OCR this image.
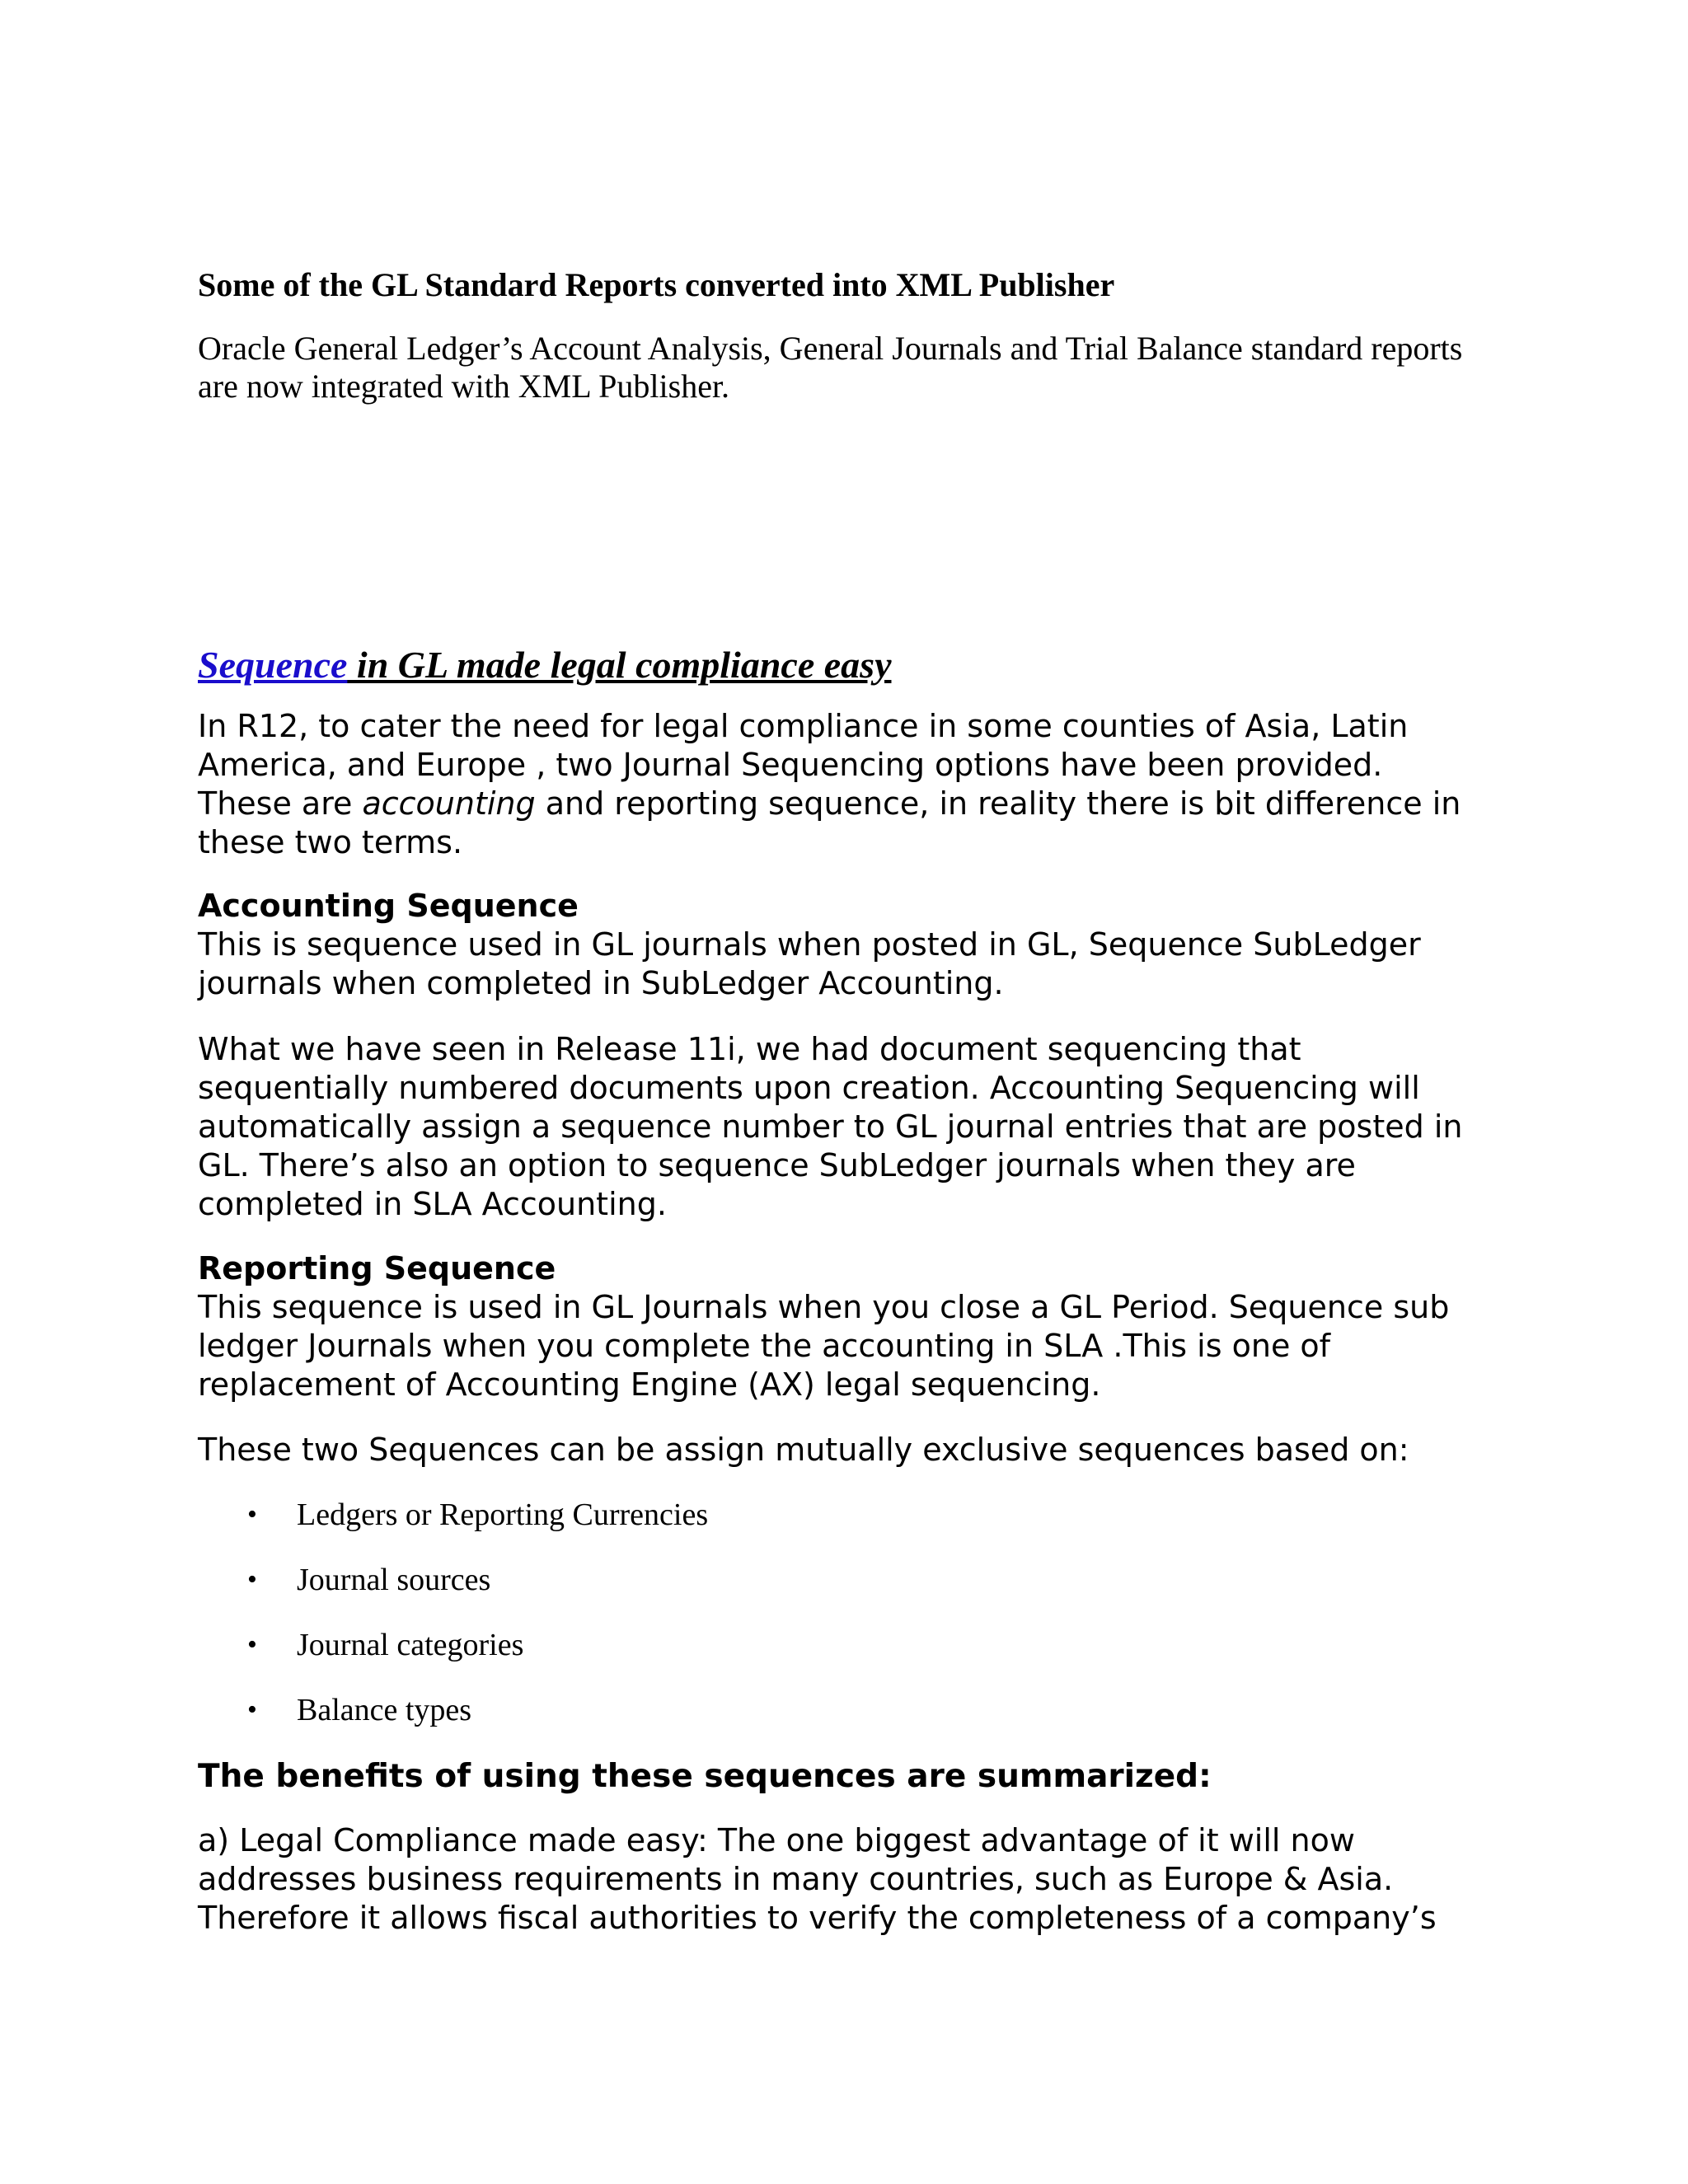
Some of the GL Standard Reports converted into XML Publisher

Oracle General Ledger’s Account Analysis, General Journals and Trial Balance standard reports are now integrated with XML Publisher.

Sequence in GL made legal compliance easy

In R12, to cater the need for legal compliance in some counties of Asia, Latin America, and Europe , two Journal Sequencing options have been provided. These are accounting and reporting sequence, in reality there is bit difference in these two terms.

Accounting Sequence
This is sequence used in GL journals when posted in GL, Sequence SubLedger journals when completed in SubLedger Accounting.

What we have seen in Release 11i, we had document sequencing that sequentially numbered documents upon creation. Accounting Sequencing will automatically assign a sequence number to GL journal entries that are posted in GL. There’s also an option to sequence SubLedger journals when they are completed in SLA Accounting.

Reporting Sequence
This sequence is used in GL Journals when you close a GL Period. Sequence sub ledger Journals when you complete the accounting in SLA .This is one of replacement of Accounting Engine (AX) legal sequencing.

These two Sequences can be assign mutually exclusive sequences based on:

•	Ledgers or Reporting Currencies
•	Journal sources
•	Journal categories
•	Balance types
The benefits of using these sequences are summarized:

a) Legal Compliance made easy: The one biggest advantage of it will now addresses business requirements in many countries, such as Europe & Asia. Therefore it allows fiscal authorities to verify the completeness of a company’s
